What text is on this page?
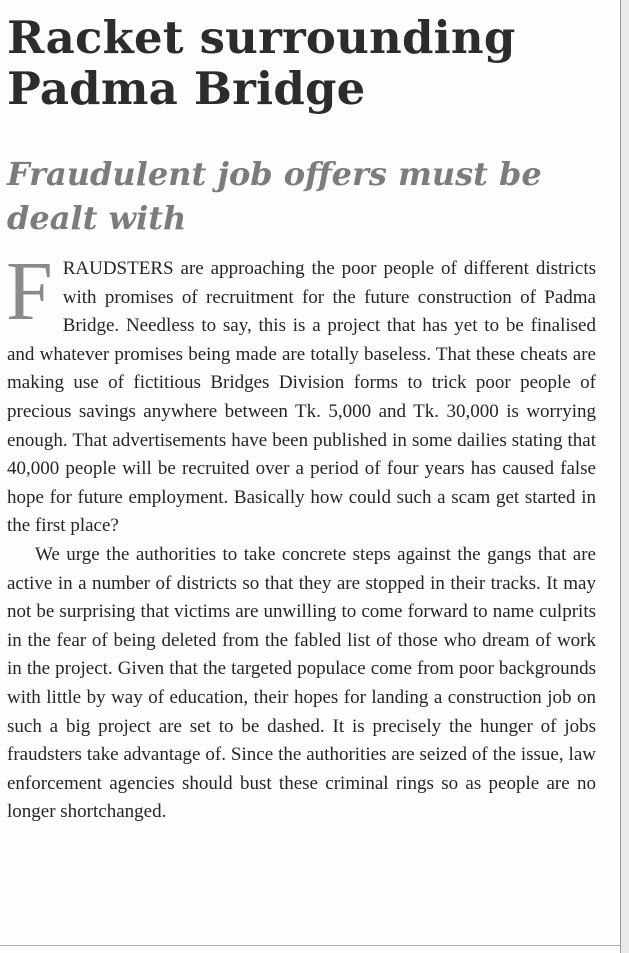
Racket surrounding Padma Bridge
Fraudulent job offers must be dealt with

FRAUDSTERS are approaching the poor people of different districts with promises of recruitment for the future construction of Padma Bridge. Needless to say, this is a project that has yet to be finalised and whatever promises being made are totally baseless. That these cheats are making use of fictitious Bridges Division forms to trick poor people of precious savings anywhere between Tk. 5,000 and Tk. 30,000 is worrying enough. That advertisements have been published in some dailies stating that 40,000 people will be recruited over a period of four years has caused false hope for future employment. Basically how could such a scam get started in the first place?

We urge the authorities to take concrete steps against the gangs that are active in a number of districts so that they are stopped in their tracks. It may not be surprising that victims are unwilling to come forward to name culprits in the fear of being deleted from the fabled list of those who dream of work in the project. Given that the targeted populace come from poor backgrounds with little by way of education, their hopes for landing a construction job on such a big project are set to be dashed. It is precisely the hunger of jobs fraudsters take advantage of. Since the authorities are seized of the issue, law enforcement agencies should bust these criminal rings so as people are no longer shortchanged.
